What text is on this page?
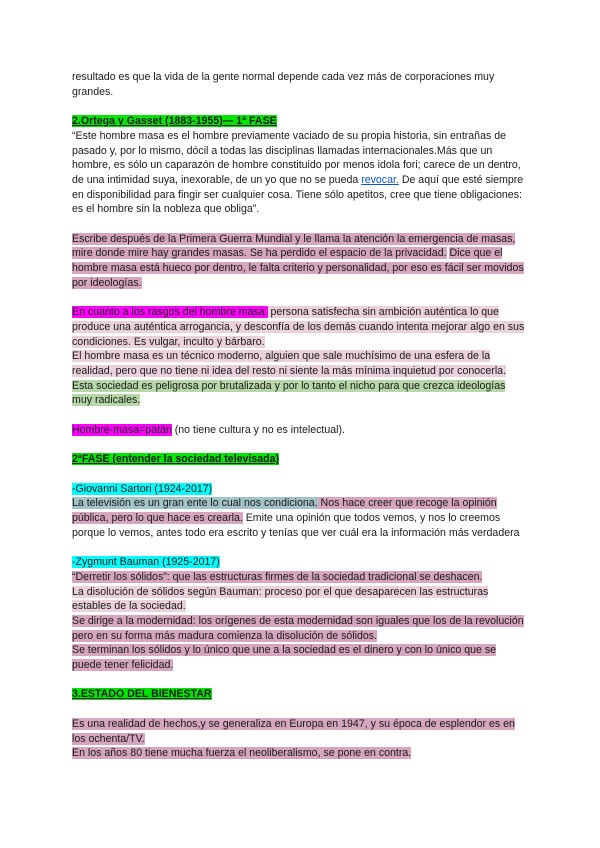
resultado es que la vida de la gente normal depende cada vez más de corporaciones muy grandes.

2.Ortega y Gasset (1883-1955)— 1ª FASE

“Este hombre masa es el hombre previamente vaciado de su propia historia, sin entrañas de pasado y, por lo mismo, dócil a todas las disciplinas llamadas internacionales.Más que un hombre, es sólo un caparazón de hombre constituido por menos idola fori; carece de un dentro, de una intimidad suya, inexorable, de un yo que no se pueda revocar. De aquí que esté siempre en disponibilidad para fingir ser cualquier cosa. Tiene sólo apetitos, cree que tiene obligaciones: es el hombre sin la nobleza que obliga”.

Escribe después de la Primera Guerra Mundial y le llama la atención la emergencia de masas, mire donde mire hay grandes masas. Se ha perdido el espacio de la privacidad. Dice que el hombre masa está hueco por dentro, le falta criterio y personalidad, por eso es fácil ser movidos por ideologías.

En cuanto a los rasgos del hombre masa: persona satisfecha sin ambición auténtica lo que produce una auténtica arrogancia, y desconfía de los demás cuando intenta mejorar algo en sus condiciones. Es vulgar, inculto y bárbaro.

El hombre masa es un técnico moderno, alguien que sale muchísimo de una esfera de la realidad, pero que no tiene ni idea del resto ni siente la más mínima inquietud por conocerla.

Esta sociedad es peligrosa por brutalizada y por lo tanto el nicho para que crezca ideologías muy radicales.

Hombre-masa=patán (no tiene cultura y no es intelectual).

2ªFASE (entender la sociedad televisada)

-Giovanni Sartori (1924-2017)

La televisión es un gran ente lo cual nos condiciona. Nos hace creer que recoge la opinión pública, pero lo que hace es crearla. Emite una opinión que todos vemos, y nos lo creemos porque lo vemos, antes todo era escrito y tenías que ver cuál era la información más verdadera

-Zygmunt Bauman (1925-2017)

“Derretir los sólidos”: que las estructuras firmes de la sociedad tradicional se deshacen.

La disolución de sólidos según Bauman: proceso por el que desaparecen las estructuras estables de la sociedad.

Se dirige a la modernidad: los orígenes de esta modernidad son iguales que los de la revolución pero en su forma más madura comienza la disolución de sólidos.

Se terminan los sólidos y lo único que une a la sociedad es el dinero y con lo único que se puede tener felicidad.

3.ESTADO DEL BIENESTAR

Es una realidad de hechos,y se generaliza en Europa en 1947, y su época de esplendor es en los ochenta/TV.

En los años 80 tiene mucha fuerza el neoliberalismo, se pone en contra.
